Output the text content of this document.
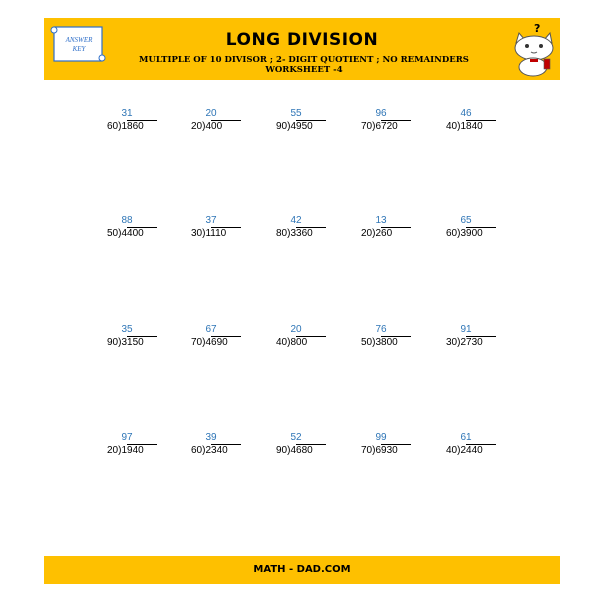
ANSWER
KEY	LONG DIVISION
MULTIPLE OF 10 DIVISOR ; 2- DIGIT QUOTIENT ; NO REMAINDERS
WORKSHEET -4
?
31
60)1860
20
20)400
55
90)4950
96
70)6720
46
40)1840
88
50)4400
37
30)1110
42
80)3360
13
20)260
65
60)3900
35
90)3150
67
70)4690
20
40)800
76
50)3800
91
30)2730
97
20)1940
39
60)2340
52
90)4680
99
70)6930
61
40)2440
MATH - DAD.COM
